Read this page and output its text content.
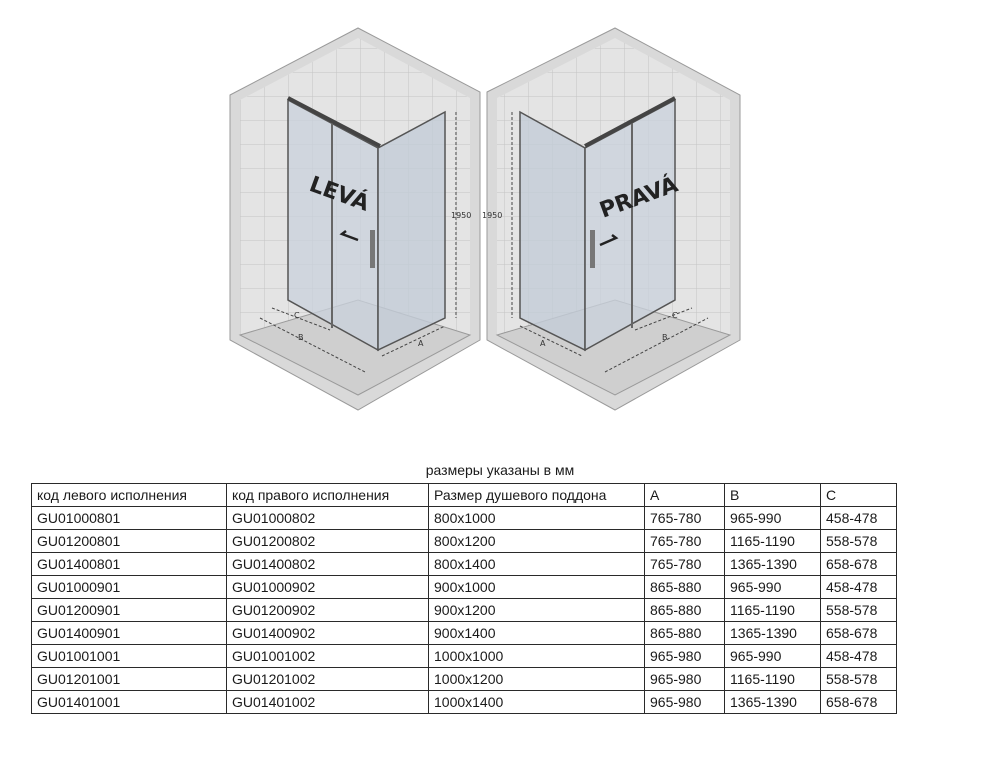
LEVÁ	1950
B
C
A
PRAVÁ
1950
B
C
A
размеры указаны в мм
код левого исполнения	код правого исполнения	Размер душевого поддона	A	B	C
GU01000801	GU01000802	800x1000	765-780	965-990	458-478
GU01200801	GU01200802	800x1200	765-780	1165-1190	558-578
GU01400801	GU01400802	800x1400	765-780	1365-1390	658-678
GU01000901	GU01000902	900x1000	865-880	965-990	458-478
GU01200901	GU01200902	900x1200	865-880	1165-1190	558-578
GU01400901	GU01400902	900x1400	865-880	1365-1390	658-678
GU01001001	GU01001002	1000x1000	965-980	965-990	458-478
GU01201001	GU01201002	1000x1200	965-980	1165-1190	558-578
GU01401001	GU01401002	1000x1400	965-980	1365-1390	658-678
